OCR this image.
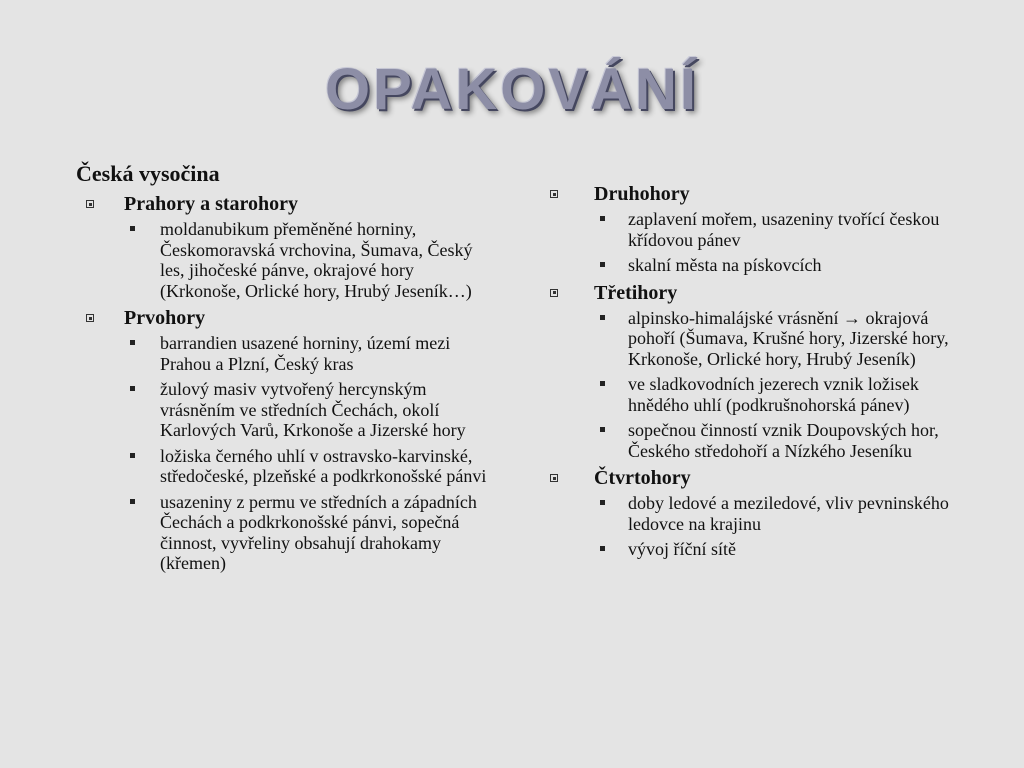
OPAKOVÁNÍ
Česká vysočina
Prahory a starohory
moldanubikum přeměněné horniny, Českomoravská vrchovina, Šumava, Český les, jihočeské pánve, okrajové hory (Krkonoše, Orlické hory, Hrubý Jeseník…)
Prvohory
barrandien usazené horniny, území mezi Prahou a Plzní, Český kras
žulový masiv vytvořený hercynským vrásněním ve středních Čechách, okolí Karlových Varů, Krkonoše a Jizerské hory
ložiska černého uhlí v ostravsko-karvinské, středočeské, plzeňské a podkrkonošské pánvi
usazeniny z permu ve středních a západních Čechách a podkrkonošské pánvi, sopečná činnost, vyvřeliny obsahují drahokamy (křemen)
Druhohory
zaplavení mořem, usazeniny tvořící českou křídovou pánev
skalní města na pískovcích
Třetihory
alpinsko-himalájské vrásnění → okrajová pohoří (Šumava, Krušné hory, Jizerské hory, Krkonoše, Orlické hory, Hrubý Jeseník)
ve sladkovodních jezerech vznik ložisek hnědého uhlí (podkrušnohorská pánev)
sopečnou činností vznik Doupovských hor, Českého středohoří a Nízkého Jeseníku
Čtvrtohory
doby ledové a meziledové, vliv pevninského ledovce na krajinu
vývoj říční sítě
